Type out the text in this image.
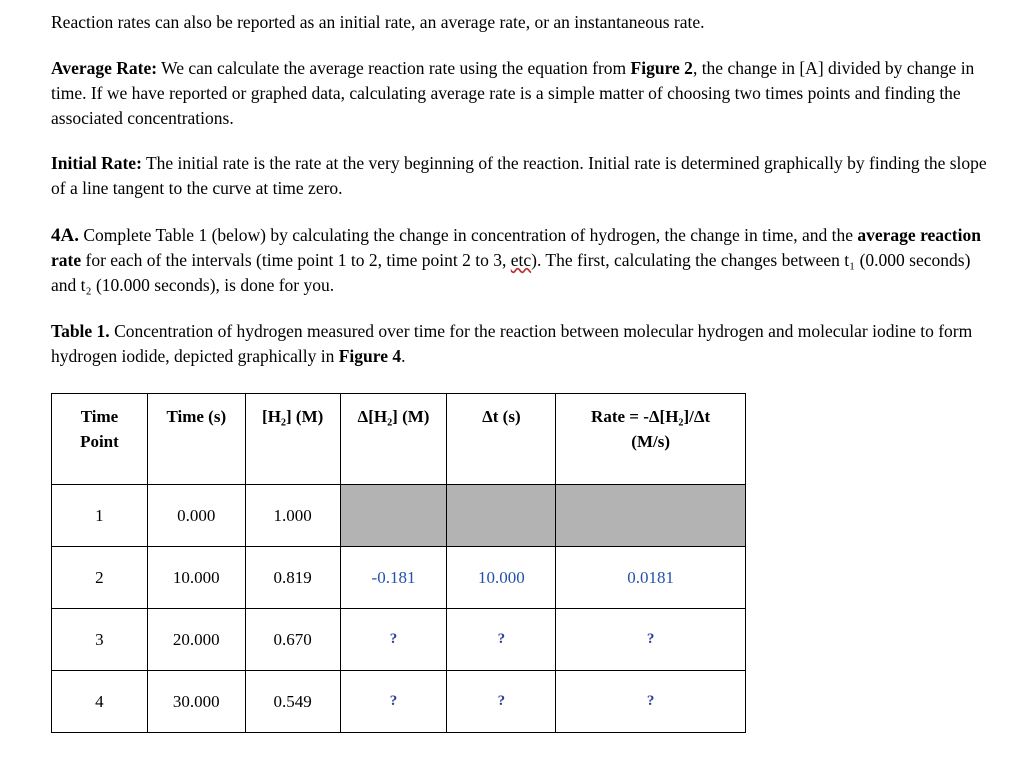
Reaction rates can also be reported as an initial rate, an average rate, or an instantaneous rate.

Average Rate: We can calculate the average reaction rate using the equation from Figure 2, the change in [A] divided by change in time. If we have reported or graphed data, calculating average rate is a simple matter of choosing two times points and finding the associated concentrations.

Initial Rate: The initial rate is the rate at the very beginning of the reaction. Initial rate is determined graphically by finding the slope of a line tangent to the curve at time zero.

4A. Complete Table 1 (below) by calculating the change in concentration of hydrogen, the change in time, and the average reaction rate for each of the intervals (time point 1 to 2, time point 2 to 3, etc). The first, calculating the changes between t₁ (0.000 seconds) and t₂ (10.000 seconds), is done for you.

Table 1. Concentration of hydrogen measured over time for the reaction between molecular hydrogen and molecular iodine to form hydrogen iodide, depicted graphically in Figure 4.

Time
Point	Time (s)	[H₂] (M)	Δ[H₂] (M)	Δt (s)	Rate = -Δ[H₂]/Δt
(M/s)
1	0.000	1.000			
2	10.000	0.819	-0.181	10.000	0.0181
3	20.000	0.670	?	?	?
4	30.000	0.549	?	?	?
